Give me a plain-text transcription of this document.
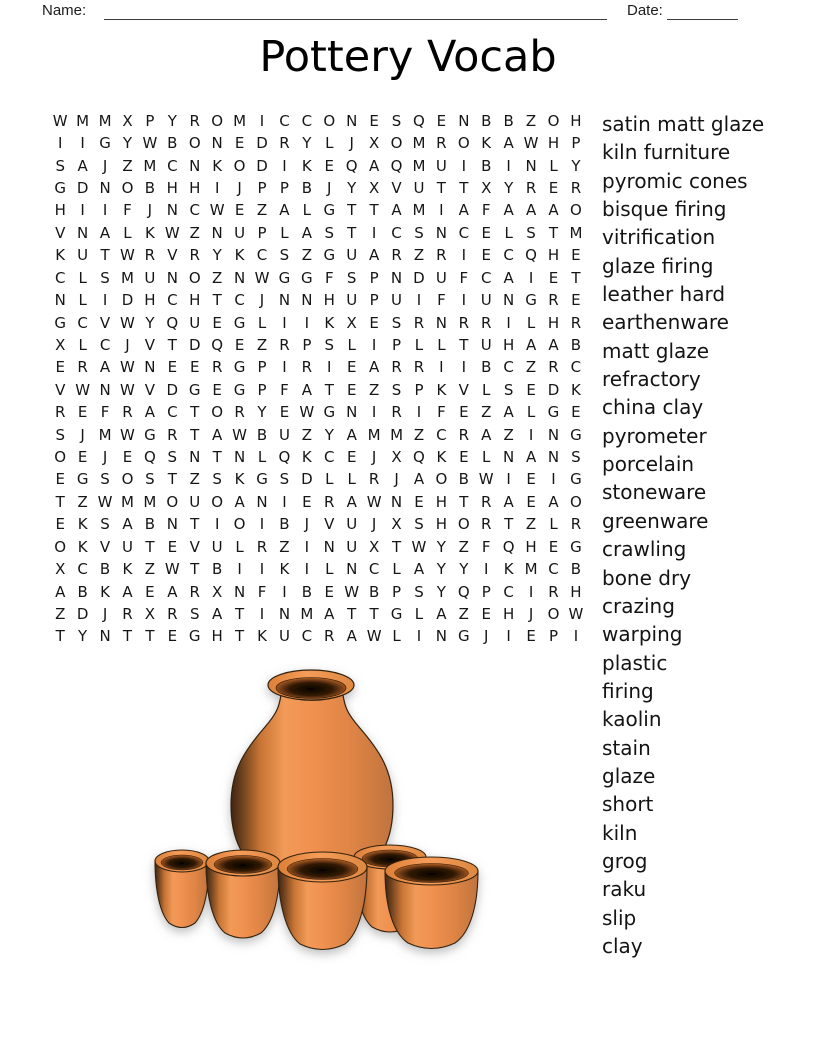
Name:	Date:
Pottery Vocab
W M M X P Y R O M I C C O N E S Q E N B B Z O H
I	I G Y W B O N E D R Y L	J	X O M R O K A W H P
S A	J	Z M C N K O D I	K E Q A Q M U I	B	I N L Y
G D N O B H H I	J	P P B	J	Y X V U T T X Y R E R
H I	I	F	J N C W E Z A L G T T A M I	A F A A A O
V N A L K W Z N U P L A S T	I C S N C E L S T M
K U T W R V R Y K C S Z G U A R Z R I	E C Q H E
C L S M U N O Z N W G G F S P N D U F C A	I	E T
N L	I D H C H T C J N N H U P U I	F	I U N G R E
G C V W Y Q U E G L	I	I	K X E S R N R R I	L H R
X L C J	V T D Q E Z R P S L	I	P L L T U H A A B
E R A W N E E R G P	I R I	E A R R I	I	B C Z R C
V W N W V D G E G P F A T E Z S P K V L S E D K
R E F R A C T O R Y E W G N I R I	F E Z A L G E
S	J M W G R T A W B U Z Y A M M Z C R A Z	I N G
O E	J	E Q S N T N L Q K C E	J	X Q K E L N A N S
E G S O S T Z S K G S D L L R J	A O B W I	E	I G
T Z W M M O U O A N I	E R A W N E H T R A E A O
E K S A B N T	I O I	B	J	V U J	X S H O R T Z L R
O K V U T E V U L R Z	I N U X T W Y Z F Q H E G
X C B K Z W T B	I	I	K	I	L N C L A Y Y	I	K M C B
A B K A E A R X N F	I	B E W B P S Y Q P C I R H
Z D J R X R S A T	I N M A T T G L A Z E H J O W
T Y N T T E G H T K U C R A W L	I N G J	I	E P	I
satin matt glaze
kiln furniture
pyromic cones
bisque firing
vitrification
glaze firing
leather hard
earthenware
matt glaze
refractory
china clay
pyrometer
porcelain
stoneware
greenware
crawling
bone dry
crazing
warping
plastic
firing
kaolin
stain
glaze
short
kiln
grog
raku
slip
clay
